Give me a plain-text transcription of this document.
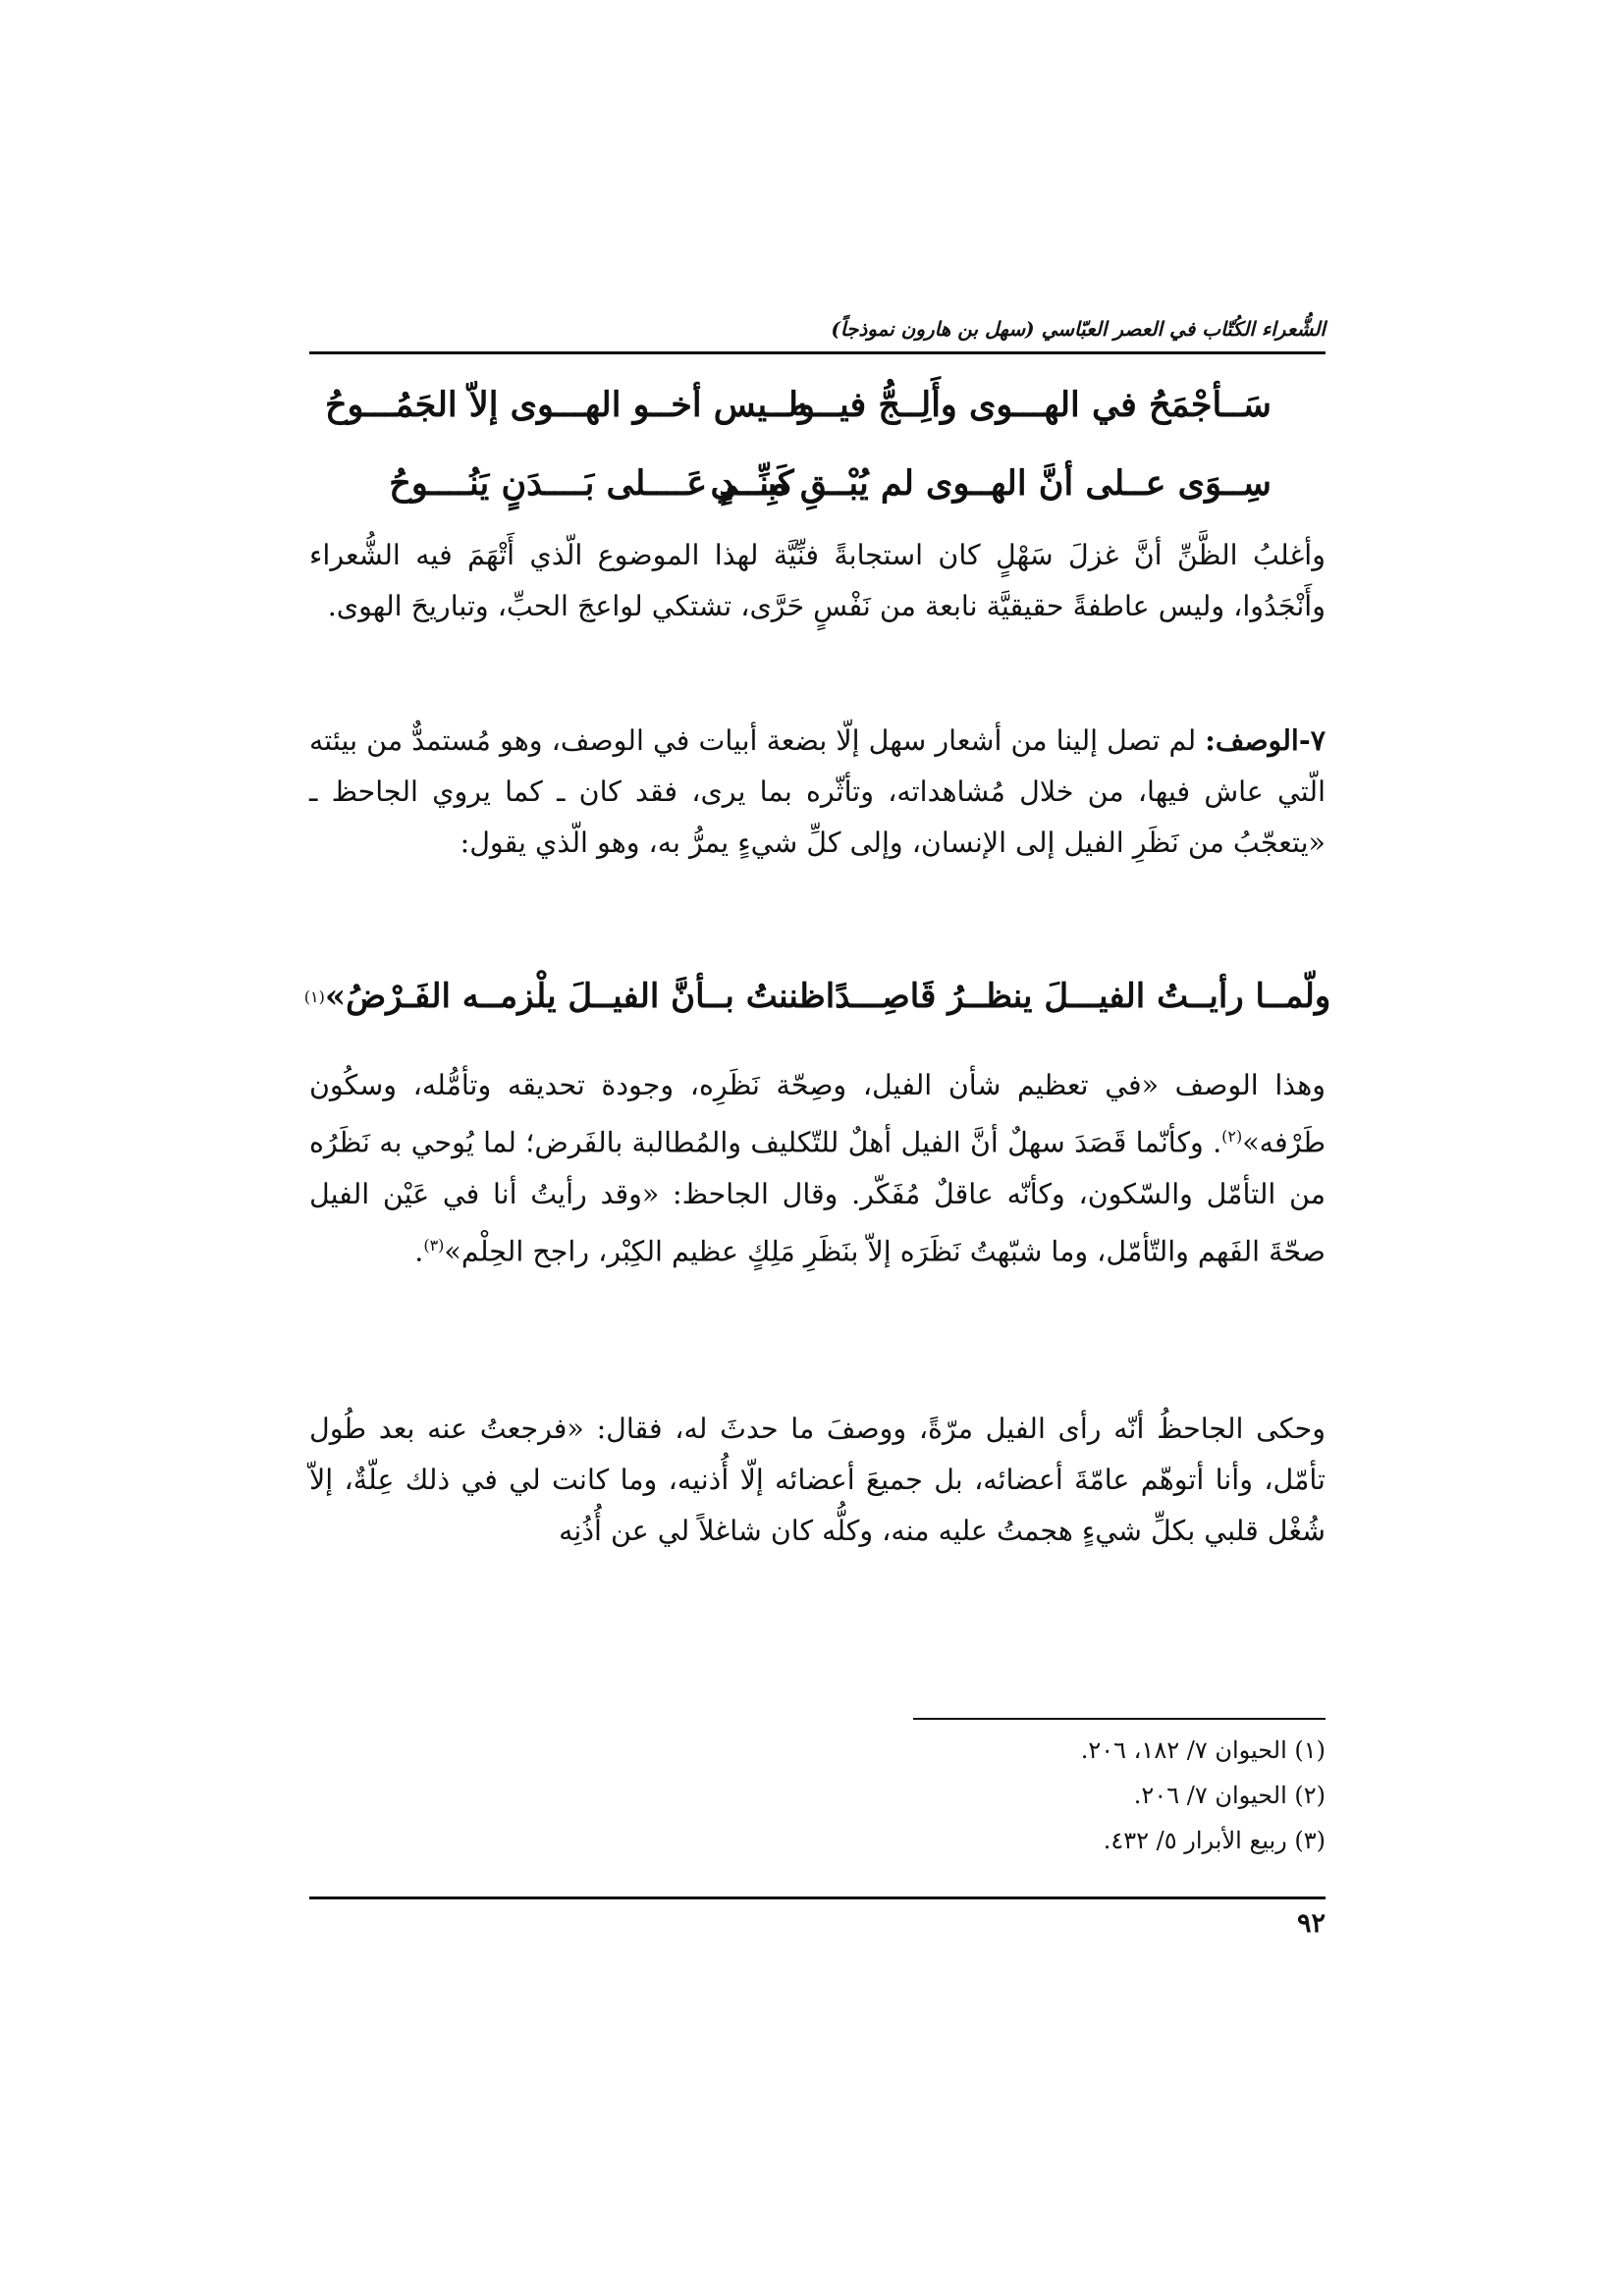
الشُّعراء الكُتّاب في العصر العبّاسي (سهل بن هارون نموذجاً)
سَــأجْمَحُ في الهـــوى وأَلِــجُّ فيـــه
ولــيس أخــو الهـــوى إلاّ الجَمُـــوحُ
سِــوَى عــلى أنَّ الهــوى لم يُبْــقِ منِّــي
كَبِـــدٍ عَــــلى بَــــدَنٍ يَنُــــوحُ

وأغلبُ الظَّنِّ أنَّ غزلَ سَهْلٍ كان استجابةً فنِّيَّة لهذا الموضوع الّذي أَتْهَمَ فيه الشُّعراء وأَنْجَدُوا، وليس عاطفةً حقيقيَّة نابعة من نَفْسٍ حَرَّى، تشتكي لواعجَ الحبِّ، وتباريحَ الهوى.

٧-الوصف: لم تصل إلينا من أشعار سهل إلّا بضعة أبيات في الوصف، وهو مُستمدٌّ من بيئته الّتي عاش فيها، من خلال مُشاهداته، وتأثّره بما يرى، فقد كان ـ كما يروي الجاحظ ـ «يتعجّبُ من نَظَرِ الفيل إلى الإنسان، وإلى كلِّ شيءٍ يمرُّ به، وهو الّذي يقول:

ولّمــا رأيــتُ الفيـــلَ ينظــرُ قَاصِـــدًا
ظننتُ بــأنَّ الفيــلَ يلْزمــه الفَـرْضُ»
(١)

وهذا الوصف «في تعظيم شأن الفيل، وصِحّة نَظَرِه، وجودة تحديقه وتأمُّله، وسكُون طَرْفه»$^{(٢)}$. وكأنّما قَصَدَ سهلٌ أنَّ الفيل أهلٌ للتّكليف والمُطالبة بالفَرض؛ لما يُوحي به نَظَرُه من التأمّل والسّكون، وكأنّه عاقلٌ مُفَكّر. وقال الجاحظ: «وقد رأيتُ أنا في عَيْن الفيل صحّةَ الفَهم والتّأمّل، وما شبّهتُ نَظَرَه إلاّ بنَظَرِ مَلِكٍ عظيم الكِبْر، راجح الحِلْم»$^{(٣)}$.

وحكى الجاحظُ أنّه رأى الفيل مرّةً، ووصفَ ما حدثَ له، فقال: «فرجعتُ عنه بعد طُول تأمّل، وأنا أتوهّم عامّةَ أعضائه، بل جميعَ أعضائه إلّا أُذنيه، وما كانت لي في ذلك عِلّةٌ، إلاّ شُغْل قلبي بكلِّ شيءٍ هجمتُ عليه منه، وكلُّه كان شاغلاً لي عن أُذُنِه

(١) الحيوان ٧/ ١٨٢، ٢٠٦.

(٢) الحيوان ٧/ ٢٠٦.

(٣) ربيع الأبرار ٥/ ٤٣٢.

٩٢
